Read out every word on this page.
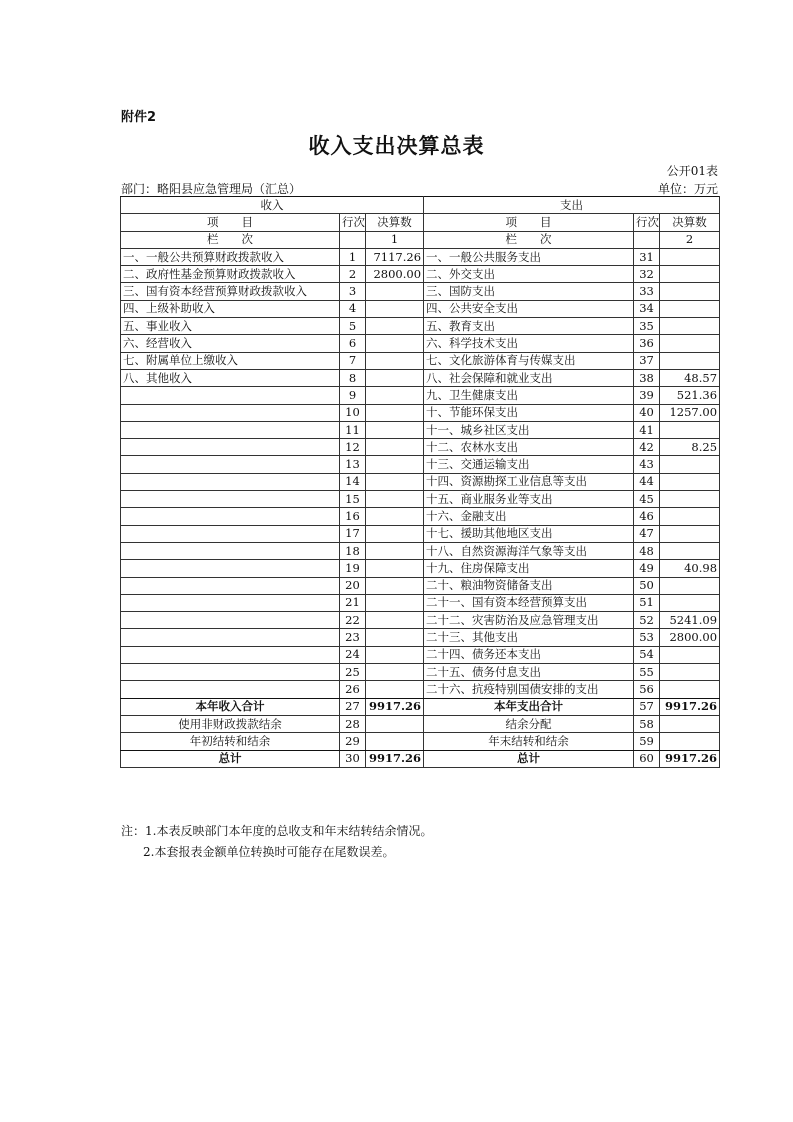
附件2
收入支出决算总表
公开01表
部门：略阳县应急管理局（汇总）	单位：万元
收入			支出		
项　　目	行次	决算数	项　　目	行次	决算数
栏　　次		1	栏　　次		2
一、一般公共预算财政拨款收入	1	7117.26	一、一般公共服务支出	31	
二、政府性基金预算财政拨款收入	2	2800.00	二、外交支出	32	
三、国有资本经营预算财政拨款收入	3		三、国防支出	33	
四、上级补助收入	4		四、公共安全支出	34	
五、事业收入	5		五、教育支出	35	
六、经营收入	6		六、科学技术支出	36	
七、附属单位上缴收入	7		七、文化旅游体育与传媒支出	37	
八、其他收入	8		八、社会保障和就业支出	38	48.57
	9		九、卫生健康支出	39	521.36
	10		十、节能环保支出	40	1257.00
	11		十一、城乡社区支出	41	
	12		十二、农林水支出	42	8.25
	13		十三、交通运输支出	43	
	14		十四、资源勘探工业信息等支出	44	
	15		十五、商业服务业等支出	45	
	16		十六、金融支出	46	
	17		十七、援助其他地区支出	47	
	18		十八、自然资源海洋气象等支出	48	
	19		十九、住房保障支出	49	40.98
	20		二十、粮油物资储备支出	50	
	21		二十一、国有资本经营预算支出	51	
	22		二十二、灾害防治及应急管理支出	52	5241.09
	23		二十三、其他支出	53	2800.00
	24		二十四、债务还本支出	54	
	25		二十五、债务付息支出	55	
	26		二十六、抗疫特别国债安排的支出	56	
本年收入合计	27	9917.26	本年支出合计	57	9917.26
使用非财政拨款结余	28		结余分配	58	
年初结转和结余	29		年末结转和结余	59	
总计	30	9917.26	总计	60	9917.26
注：1.本表反映部门本年度的总收支和年末结转结余情况。
2.本套报表金额单位转换时可能存在尾数误差。
